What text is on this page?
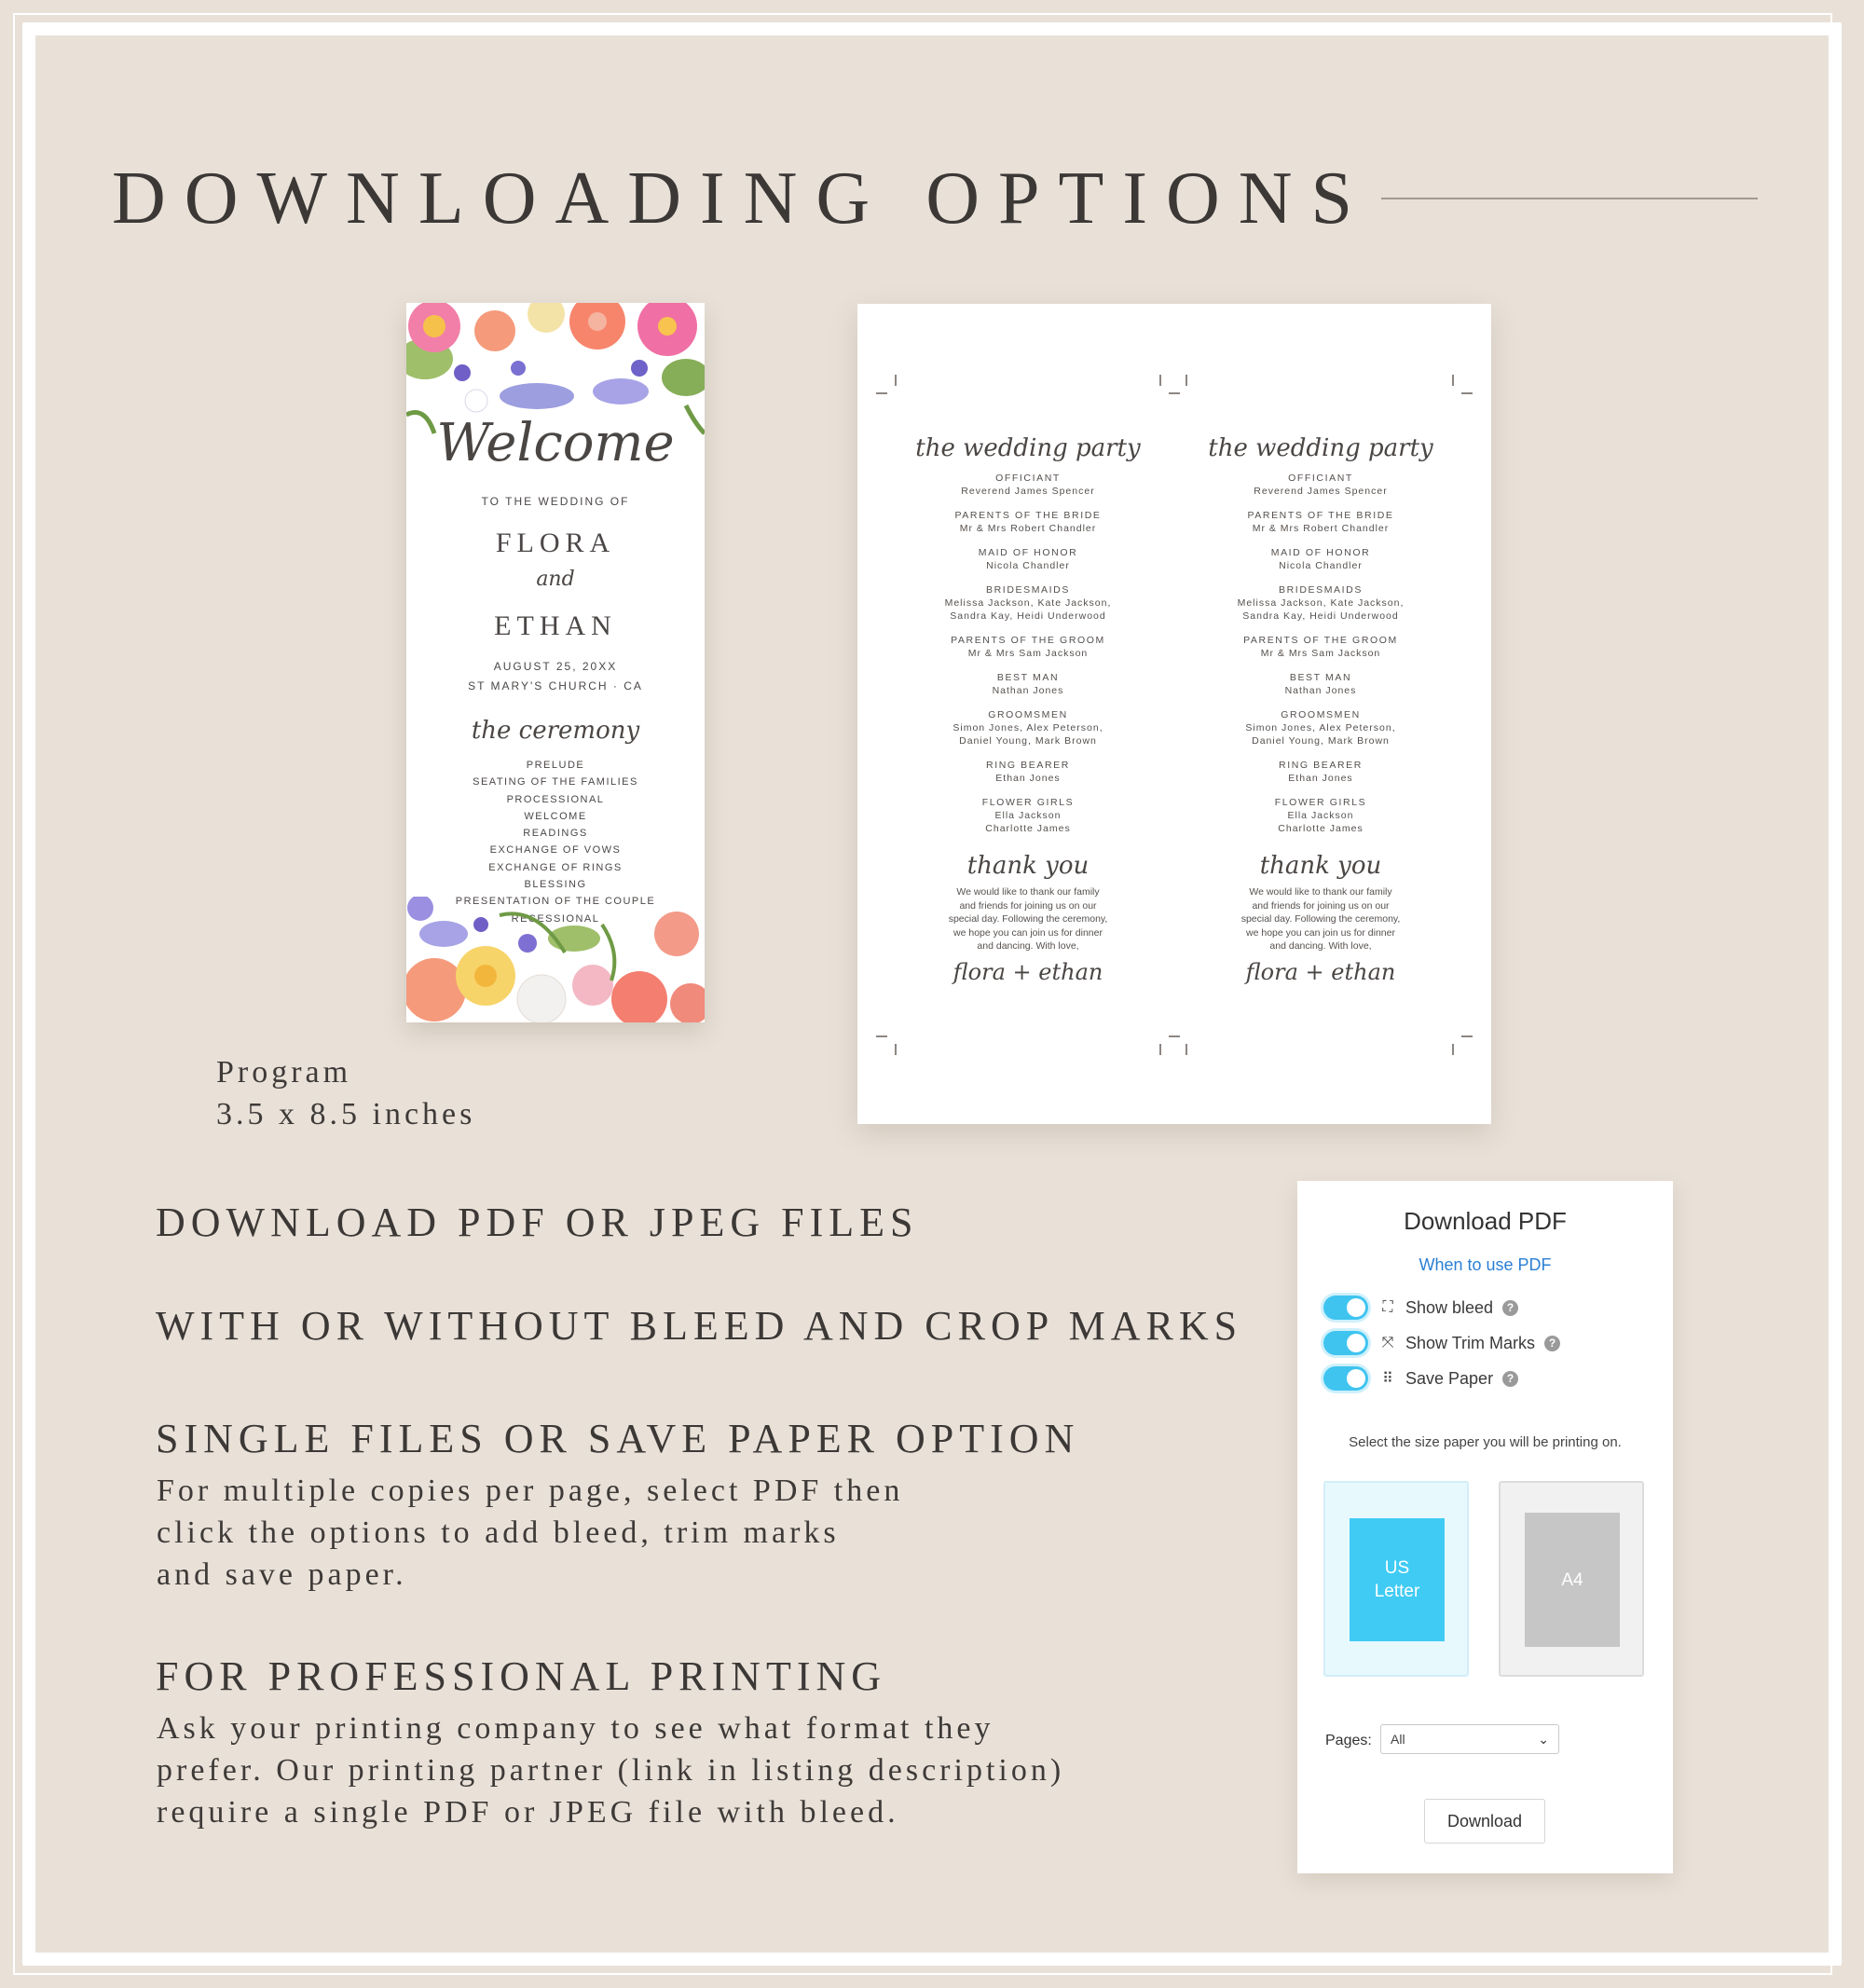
DOWNLOADING OPTIONS
Welcome
TO THE WEDDING OF
FLORA
and
ETHAN
AUGUST 25, 20XX
ST MARY'S CHURCH · CA
the ceremony
PRELUDE
SEATING OF THE FAMILIES
PROCESSIONAL
WELCOME
READINGS
EXCHANGE OF VOWS
EXCHANGE OF RINGS
BLESSING
PRESENTATION OF THE COUPLE
RECESSIONAL
Program
3.5 x 8.5 inches
the wedding party
OFFICIANT
Reverend James Spencer
PARENTS OF THE BRIDE
Mr & Mrs Robert Chandler
MAID OF HONOR
Nicola Chandler
BRIDESMAIDS
Melissa Jackson, Kate Jackson,
Sandra Kay, Heidi Underwood
PARENTS OF THE GROOM
Mr & Mrs Sam Jackson
BEST MAN
Nathan Jones
GROOMSMEN
Simon Jones, Alex Peterson,
Daniel Young, Mark Brown
RING BEARER
Ethan Jones
FLOWER GIRLS
Ella Jackson
Charlotte James
thank you
We would like to thank our family
and friends for joining us on our
special day. Following the ceremony,
we hope you can join us for dinner
and dancing. With love,
flora + ethan
the wedding party
OFFICIANT
Reverend James Spencer
PARENTS OF THE BRIDE
Mr & Mrs Robert Chandler
MAID OF HONOR
Nicola Chandler
BRIDESMAIDS
Melissa Jackson, Kate Jackson,
Sandra Kay, Heidi Underwood
PARENTS OF THE GROOM
Mr & Mrs Sam Jackson
BEST MAN
Nathan Jones
GROOMSMEN
Simon Jones, Alex Peterson,
Daniel Young, Mark Brown
RING BEARER
Ethan Jones
FLOWER GIRLS
Ella Jackson
Charlotte James
thank you
We would like to thank our family
and friends for joining us on our
special day. Following the ceremony,
we hope you can join us for dinner
and dancing. With love,
flora + ethan
DOWNLOAD PDF OR JPEG FILES
WITH OR WITHOUT BLEED AND CROP MARKS
SINGLE FILES OR SAVE PAPER OPTION

For multiple copies per page, select PDF then
click the options to add bleed, trim marks
and save paper.

FOR PROFESSIONAL PRINTING

Ask your printing company to see what format they
prefer. Our printing partner (link in listing description)
require a single PDF or JPEG file with bleed.

Download PDF
When to use PDF
⛶ Show bleed	?
⤧ Show Trim Marks	?
⠿ Save Paper	?
Select the size paper you will be printing on.
US
Letter
A4
Pages: All	⌄
Download
